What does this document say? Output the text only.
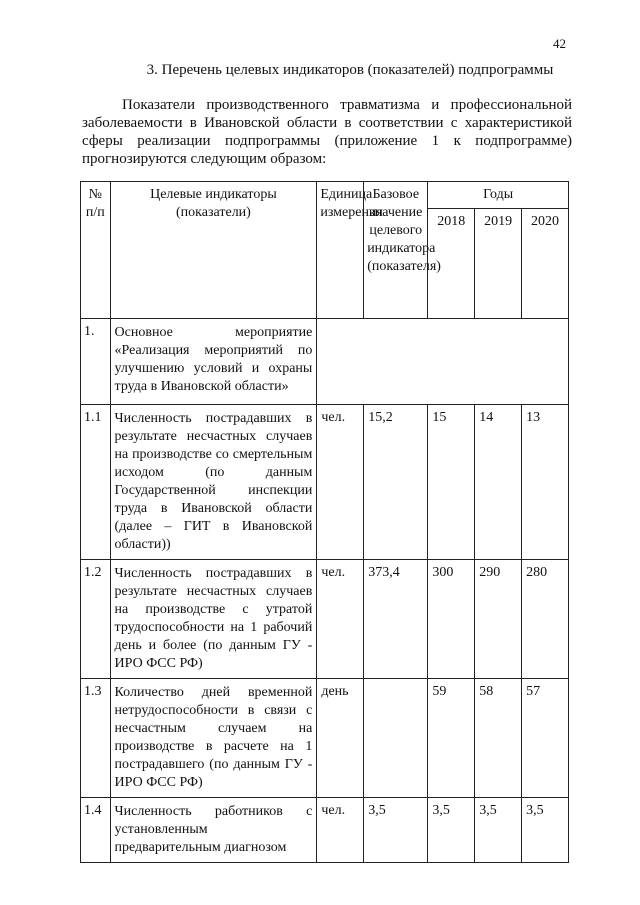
42
3. Перечень целевых индикаторов (показателей) подпрограммы

Показатели производственного травматизма и профессиональной заболеваемости в Ивановской области в соответствии с характеристикой сферы реализации подпрограммы (приложение 1 к подпрограмме) прогнозируются следующим образом:

№ п/п	Целевые индикаторы (показатели)	Единица измерения	Базовое значение целевого индикатора (показателя)	Годы		
				2018	2019	2020
1.	Основное мероприятие «Реализация мероприятий по улучшению условий и охраны труда в Ивановской области»					
1.1	Численность пострадавших в результате несчастных случаев на производстве со смертельным исходом (по данным Государственной инспекции труда в Ивановской области (далее – ГИТ в Ивановской области))	чел.	15,2	15	14	13
1.2	Численность пострадавших в результате несчастных случаев на производстве с утратой трудоспособности на 1 рабочий день и более (по данным ГУ - ИРО ФСС РФ)	чел.	373,4	300	290	280
1.3	Количество дней временной нетрудоспособности в связи с несчастным случаем на производстве в расчете на 1 пострадавшего (по данным ГУ - ИРО ФСС РФ)	день		59	58	57
1.4	Численность работников с установленным предварительным диагнозом	чел.	3,5	3,5	3,5	3,5
